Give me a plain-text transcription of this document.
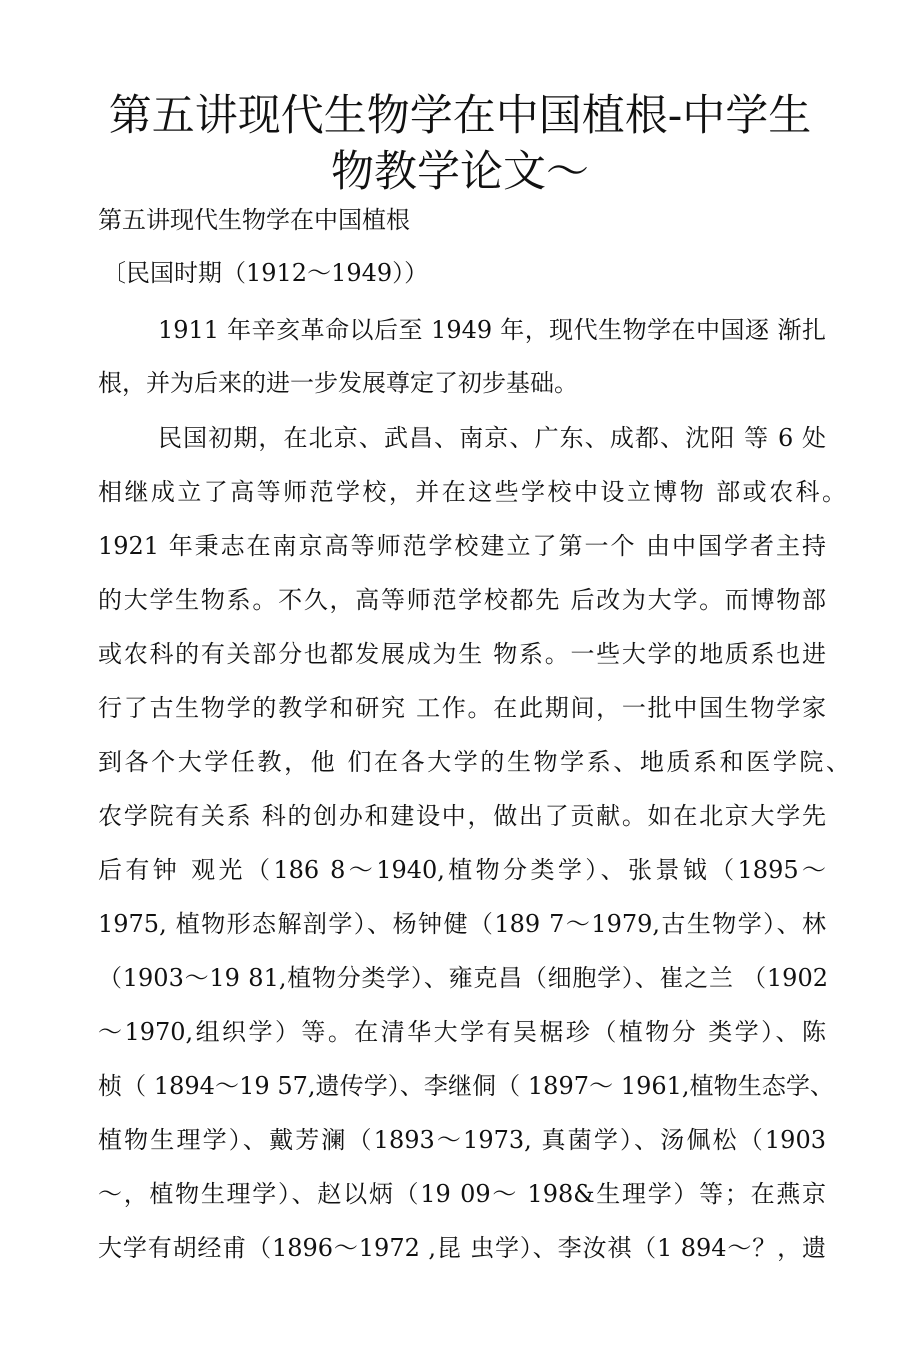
第五讲现代生物学在中国植根-中学生
物教学论文～
第五讲现代生物学在中国植根
〔民国时期（1912～1949））
1911 年辛亥革命以后至 1949 年，现代生物学在中国逐 渐扎
根，并为后来的进一步发展尊定了初步基础。
民国初期，在北京、武昌、南京、广东、成都、沈阳 等 6 处
相继成立了高等师范学校，并在这些学校中设立博物 部或农科。
1921 年秉志在南京高等师范学校建立了第一个 由中国学者主持
的大学生物系。不久，高等师范学校都先 后改为大学。而博物部
或农科的有关部分也都发展成为生 物系。一些大学的地质系也进
行了古生物学的教学和研究 工作。在此期间，一批中国生物学家
到各个大学任教，他 们在各大学的生物学系、地质系和医学院、
农学院有关系 科的创办和建设中，做出了贡献。如在北京大学先
后有钟 观光（186 8～1940,植物分类学）、张景钺（1895～
1975, 植物形态解剖学）、杨钟健（189 7～1979,古生物学）、林
（1903～19 81,植物分类学）、雍克昌（细胞学）、崔之兰 （1902
～1970,组织学）等。在清华大学有吴椐珍（植物分 类学）、陈
桢（ 1894～19 57,遗传学）、李继侗（ 1897～ 1961,植物生态学、
植物生理学）、戴芳澜（1893～1973, 真菌学）、汤佩松（1903
～，植物生理学）、赵以炳（19 09～ 198&生理学）等；在燕京
大学有胡经甫（1896～1972 ,昆 虫学）、李汝祺（1 894～？，遗
